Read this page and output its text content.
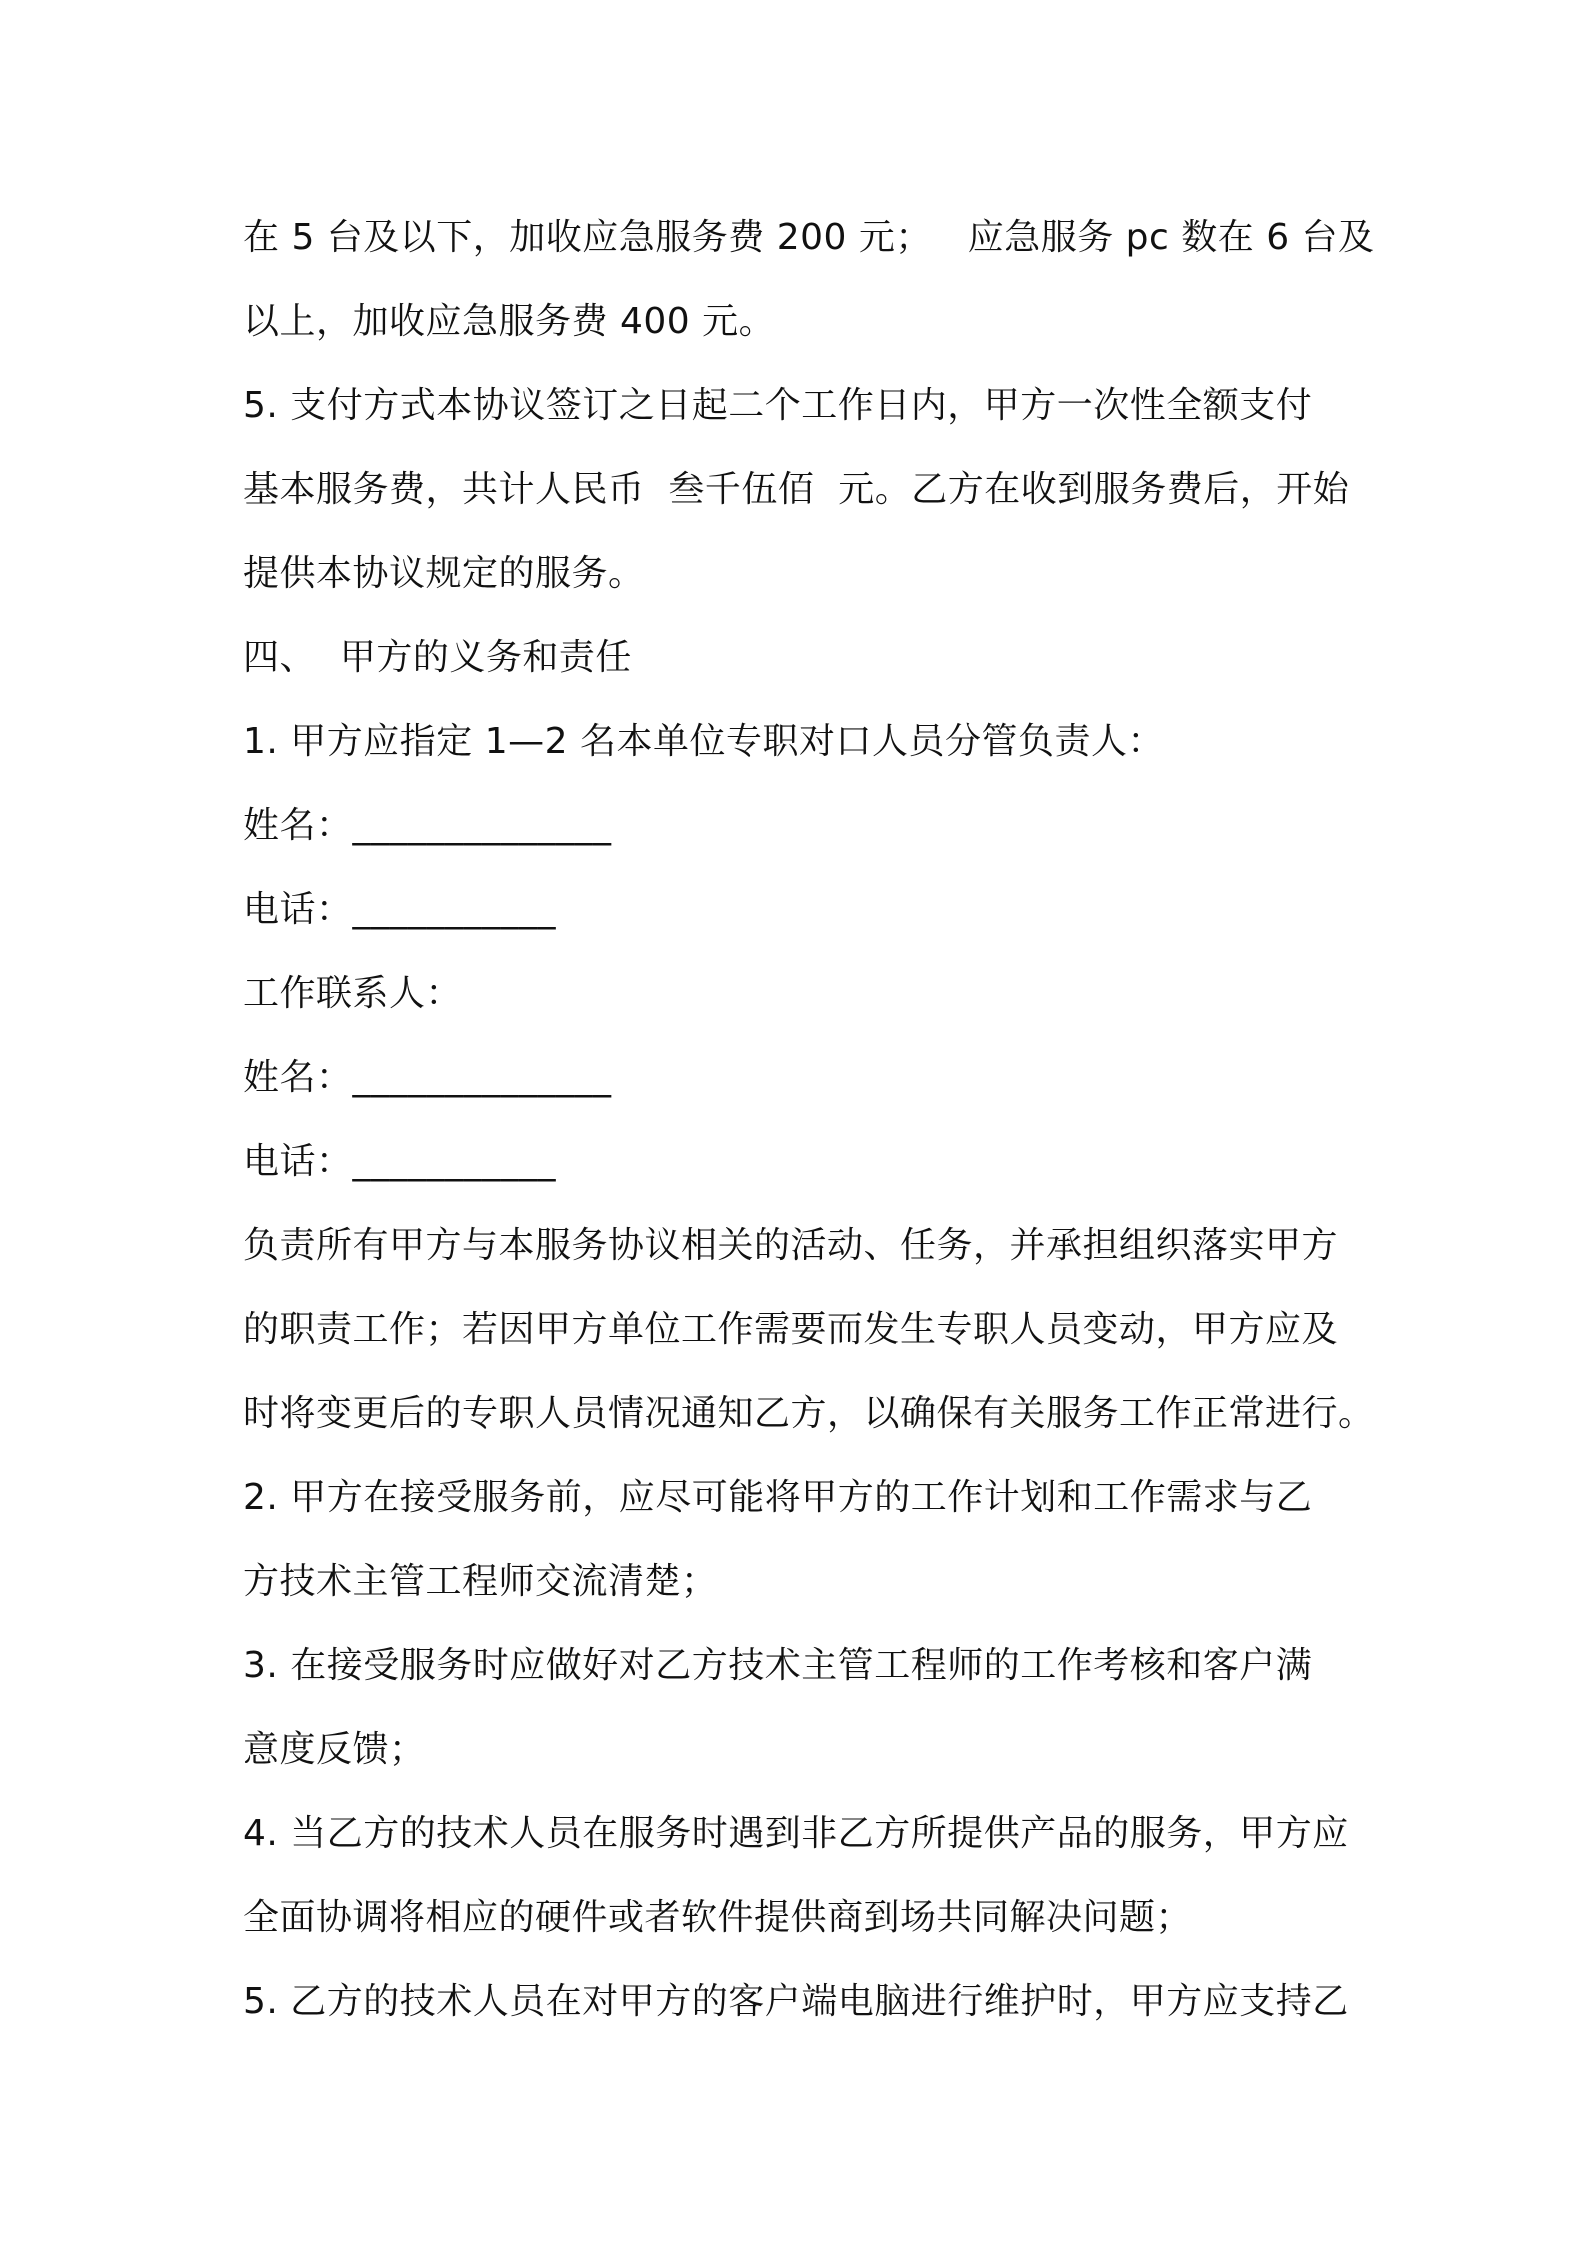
在 5 台及以下，加收应急服务费 200 元；   应急服务 pc 数在 6 台及
以上，加收应急服务费 400 元。
5. 支付方式本协议签订之日起二个工作日内，甲方一次性全额支付
基本服务费，共计人民币  叁千伍佰  元。乙方在收到服务费后，开始
提供本协议规定的服务。
四、  甲方的义务和责任
1. 甲方应指定 1—2 名本单位专职对口人员分管负责人：
姓名：______________
电话：___________
工作联系人：
姓名：______________
电话：___________
负责所有甲方与本服务协议相关的活动、任务，并承担组织落实甲方
的职责工作；若因甲方单位工作需要而发生专职人员变动，甲方应及
时将变更后的专职人员情况通知乙方，以确保有关服务工作正常进行。
2. 甲方在接受服务前，应尽可能将甲方的工作计划和工作需求与乙
方技术主管工程师交流清楚；
3. 在接受服务时应做好对乙方技术主管工程师的工作考核和客户满
意度反馈；
4. 当乙方的技术人员在服务时遇到非乙方所提供产品的服务，甲方应
全面协调将相应的硬件或者软件提供商到场共同解决问题；
5. 乙方的技术人员在对甲方的客户端电脑进行维护时，甲方应支持乙
